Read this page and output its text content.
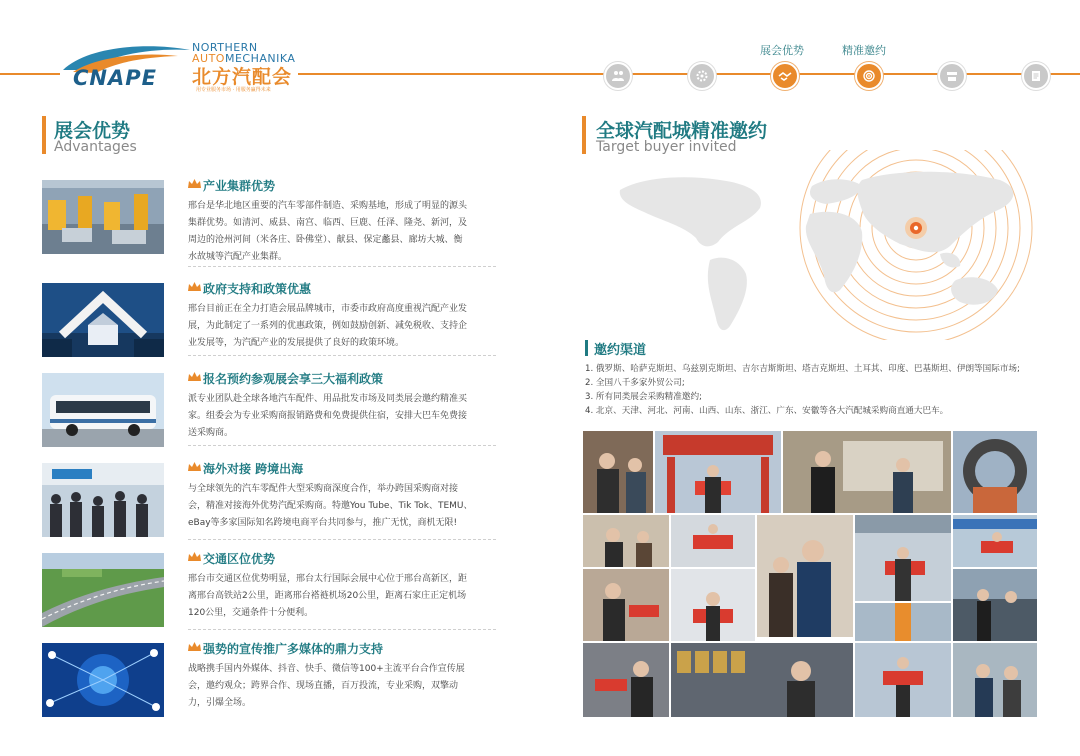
CNAPE
NORTHERN
AUTOMECHANIKA
北方汽配会
用专业服务市场 · 用服务赢得未来
展会优势	精准邀约
展会优势
Advantages
产业集群优势
邢台是华北地区重要的汽车零部件制造、采购基地，形成了明显的源头
集群优势。如清河、威县、南宫、临西、巨鹿、任泽、隆尧、新河，及
周边的沧州河间（米各庄、卧佛堂）、献县、保定蠡县、廊坊大城、衡
水故城等汽配产业集群。
政府支持和政策优惠
邢台目前正在全力打造会展品牌城市，市委市政府高度重视汽配产业发
展，为此制定了一系列的优惠政策，例如鼓励创新、减免税收、支持企
业发展等，为汽配产业的发展提供了良好的政策环境。
报名预约参观展会享三大福利政策
派专业团队赴全球各地汽车配件、用品批发市场及同类展会邀约精准买
家。组委会为专业采购商报销路费和免费提供住宿，安排大巴车免费接
送采购商。
海外对接 跨境出海
与全球领先的汽车零配件大型采购商深度合作，举办跨国采购商对接
会，精准对接海外优势汽配采购商。特邀You Tube、Tik Tok、TEMU、
eBay等多家国际知名跨境电商平台共同参与，推广无忧，商机无限!
交通区位优势
邢台市交通区位优势明显，邢台太行国际会展中心位于邢台高新区，距
离邢台高铁站2公里，距离邢台褡裢机场20公里，距离石家庄正定机场
120公里，交通条件十分便利。
强势的宣传推广多媒体的鼎力支持
战略携手国内外媒体、抖音、快手、微信等100+主流平台合作宣传展
会，邀约观众；跨界合作、现场直播，百万投流，专业采购，双擎动
力，引爆全场。
全球汽配城精准邀约
Target buyer invited
邀约渠道
1. 俄罗斯、哈萨克斯坦、乌兹别克斯坦、吉尔吉斯斯坦、塔吉克斯坦、土耳其、印度、巴基斯坦、伊朗等国际市场;
2. 全国八千多家外贸公司;
3. 所有同类展会采购精准邀约;
4. 北京、天津、河北、河南、山西、山东、浙江、广东、安徽等各大汽配城采购商直通大巴车。
